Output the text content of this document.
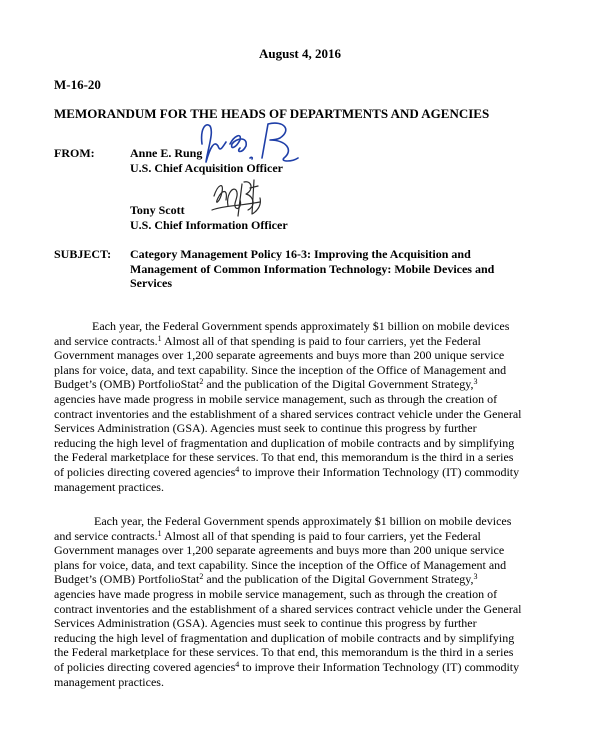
August 4, 2016
M-16-20
MEMORANDUM FOR THE HEADS OF DEPARTMENTS AND AGENCIES
FROM:	Anne E. Rung
U.S. Chief Acquisition Officer
Tony Scott
U.S. Chief Information Officer
SUBJECT: Category Management Policy 16-3: Improving the Acquisition and
Management of Common Information Technology: Mobile Devices and
Services
Each year, the Federal Government spends approximately $1 billion on mobile devices
and service contracts.$^1$ Almost all of that spending is paid to four carriers, yet the Federal
Government manages over 1,200 separate agreements and buys more than 200 unique service
plans for voice, data, and text capability. Since the inception of the Office of Management and
Budget’s (OMB) PortfolioStat$^2$ and the publication of the Digital Government Strategy,$^3$
agencies have made progress in mobile service management, such as through the creation of
contract inventories and the establishment of a shared services contract vehicle under the General
Services Administration (GSA). Agencies must seek to continue this progress by further
reducing the high level of fragmentation and duplication of mobile contracts and by simplifying
the Federal marketplace for these services. To that end, this memorandum is the third in a series
of policies directing covered agencies$^4$ to improve their Information Technology (IT) commodity
management practices.
Each year, the Federal Government spends approximately $1 billion on mobile devices
and service contracts.$^1$ Almost all of that spending is paid to four carriers, yet the Federal
Government manages over 1,200 separate agreements and buys more than 200 unique service
plans for voice, data, and text capability. Since the inception of the Office of Management and
Budget’s (OMB) PortfolioStat$^2$ and the publication of the Digital Government Strategy,$^3$
agencies have made progress in mobile service management, such as through the creation of
contract inventories and the establishment of a shared services contract vehicle under the General
Services Administration (GSA). Agencies must seek to continue this progress by further
reducing the high level of fragmentation and duplication of mobile contracts and by simplifying
the Federal marketplace for these services. To that end, this memorandum is the third in a series
of policies directing covered agencies$^4$ to improve their Information Technology (IT) commodity
management practices.
